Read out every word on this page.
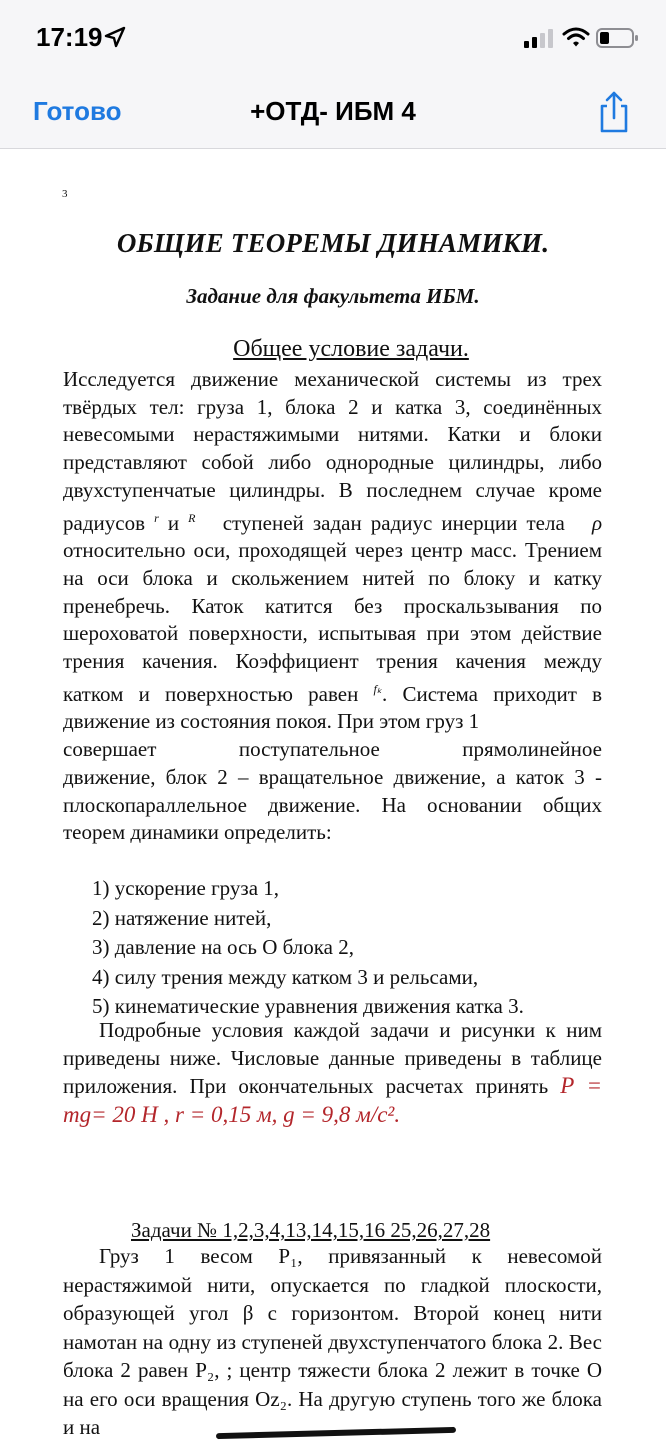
17:19
Готово	+ОТД- ИБМ 4
3
ОБЩИЕ ТЕОРЕМЫ ДИНАМИКИ.
Задание для факультета ИБМ.
Общее условие задачи.
Исследуется движение механической системы из трех твёрдых тел: груза 1, блока 2 и катка 3, соединённых невесомыми нерастяжимыми нитями. Катки и блоки представляют собой либо однородные цилиндры, либо двухступенчатые цилиндры. В последнем случае кроме радиусов $^r$ и $^R$ ступеней задан радиус инерции тела ρ относительно оси, проходящей через центр масс. Трением на оси блока и скольжением нитей по блоку и катку пренебречь. Каток катится без проскальзывания по шероховатой поверхности, испытывая при этом действие трения качения. Коэффициент трения качения между катком и поверхностью равен $^{f_k}$. Система приходит в движение из состояния покоя. При этом груз 1
совершает поступательное прямолинейное
движение, блок 2 – вращательное движение, а каток 3 - плоскопараллельное движение. На основании общих теорем динамики определить:
1) ускорение груза 1,
2) натяжение нитей,
3) давление на ось O блока 2,
4) силу трения между катком 3 и рельсами,
5) кинематические уравнения движения катка 3.
Подробные условия каждой задачи и рисунки к ним приведены ниже. Числовые данные приведены в таблице приложения. При окончательных расчетах принять P = mg= 20 Н , r = 0,15 м, g = 9,8 м/с².
Задачи № 1,2,3,4,13,14,15,16 25,26,27,28
Груз 1 весом P₁, привязанный к невесомой нерастяжимой нити, опускается по гладкой плоскости, образующей угол β с горизонтом. Второй конец нити намотан на одну из ступеней двухступенчатого блока 2. Вес блока 2 равен P₂, ; центр тяжести блока 2 лежит в точке O на его оси вращения Oz₂. На другую ступень того же блока и на
